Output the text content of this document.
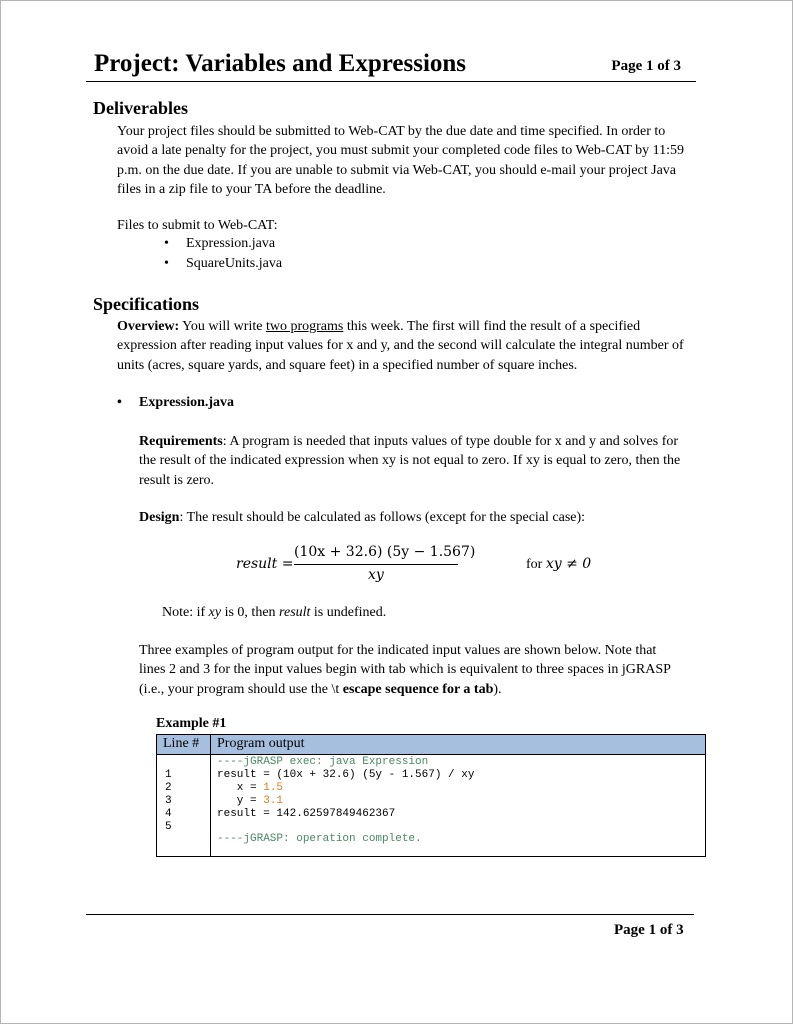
Project: Variables and Expressions	Page 1 of 3
Deliverables
Your project files should be submitted to Web-CAT by the due date and time specified. In order to
avoid a late penalty for the project, you must submit your completed code files to Web-CAT by 11:59
p.m. on the due date. If you are unable to submit via Web-CAT, you should e-mail your project Java
files in a zip file to your TA before the deadline.
Files to submit to Web-CAT:
• Expression.java
• SquareUnits.java
Specifications
Overview: You will write two programs this week. The first will find the result of a specified
expression after reading input values for x and y, and the second will calculate the integral number of
units (acres, square yards, and square feet) in a specified number of square inches.
• Expression.java
Requirements: A program is needed that inputs values of type double for x and y and solves for
the result of the indicated expression when xy is not equal to zero. If xy is equal to zero, then the
result is zero.
Design: The result should be calculated as follows (except for the special case):
result =
(10x + 32.6) (5y − 1.567)
xy
for xy ≠ 0
Note: if xy is 0, then result is undefined.
Three examples of program output for the indicated input values are shown below. Note that
lines 2 and 3 for the input values begin with tab which is equivalent to three spaces in jGRASP
(i.e., your program should use the \t escape sequence for a tab).
Example #1
Line # Program output
----jGRASP exec: java Expression
1	result = (10x + 32.6) (5y - 1.567) / xy
2	x = 1.5
3	y = 3.1
4	result = 142.62597849462367
5
----jGRASP: operation complete.
Page 1 of 3
